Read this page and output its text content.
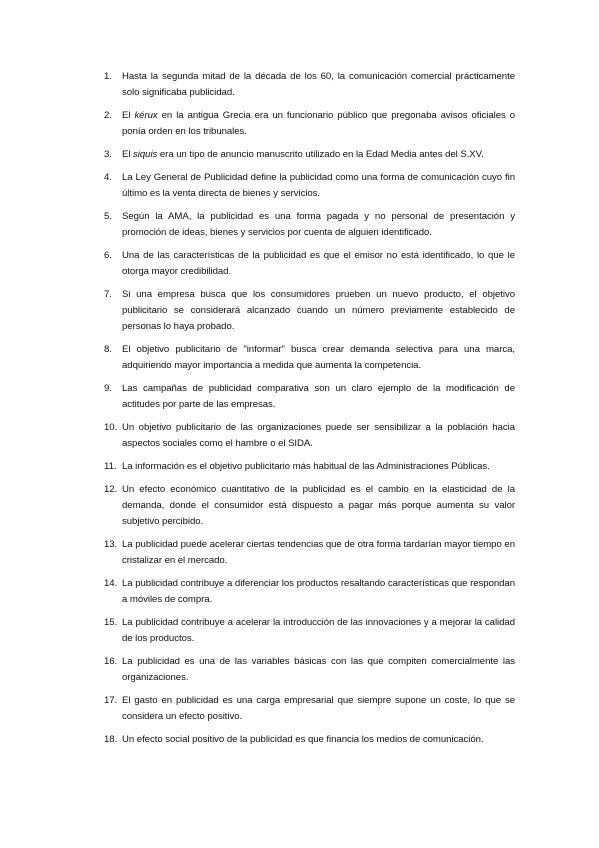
1.	Hasta la segunda mitad de la década de los 60, la comunicación comercial prácticamente solo significaba publicidad.
2.	El kérux en la antigua Grecia era un funcionario público que pregonaba avisos oficiales o ponía orden en los tribunales.
3.	El siquis era un tipo de anuncio manuscrito utilizado en la Edad Media antes del S.XV.
4.	La Ley General de Publicidad define la publicidad como una forma de comunicación cuyo fin último es la venta directa de bienes y servicios.
5.	Según la AMA, la publicidad es una forma pagada y no personal de presentación y promoción de ideas, bienes y servicios por cuenta de alguien identificado.
6.	Una de las características de la publicidad es que el emisor no está identificado, lo que le otorga mayor credibilidad.
7.	Si una empresa busca que los consumidores prueben un nuevo producto, el objetivo publicitario se considerará alcanzado cuando un número previamente establecido de personas lo haya probado.
8.	El objetivo publicitario de "informar" busca crear demanda selectiva para una marca, adquiriendo mayor importancia a medida que aumenta la competencia.
9.	Las campañas de publicidad comparativa son un claro ejemplo de la modificación de actitudes por parte de las empresas.
10. Un objetivo publicitario de las organizaciones puede ser sensibilizar a la población hacia aspectos sociales como el hambre o el SIDA.
11. La información es el objetivo publicitario más habitual de las Administraciones Públicas.
12. Un efecto económico cuantitativo de la publicidad es el cambio en la elasticidad de la demanda, donde el consumidor está dispuesto a pagar más porque aumenta su valor subjetivo percibido.
13. La publicidad puede acelerar ciertas tendencias que de otra forma tardarían mayor tiempo en cristalizar en el mercado.
14. La publicidad contribuye a diferenciar los productos resaltando características que respondan a móviles de compra.
15. La publicidad contribuye a acelerar la introducción de las innovaciones y a mejorar la calidad de los productos.
16. La publicidad es una de las variables básicas con las que compiten comercialmente las organizaciones.
17. El gasto en publicidad es una carga empresarial que siempre supone un coste, lo que se considera un efecto positivo.
18. Un efecto social positivo de la publicidad es que financia los medios de comunicación.
